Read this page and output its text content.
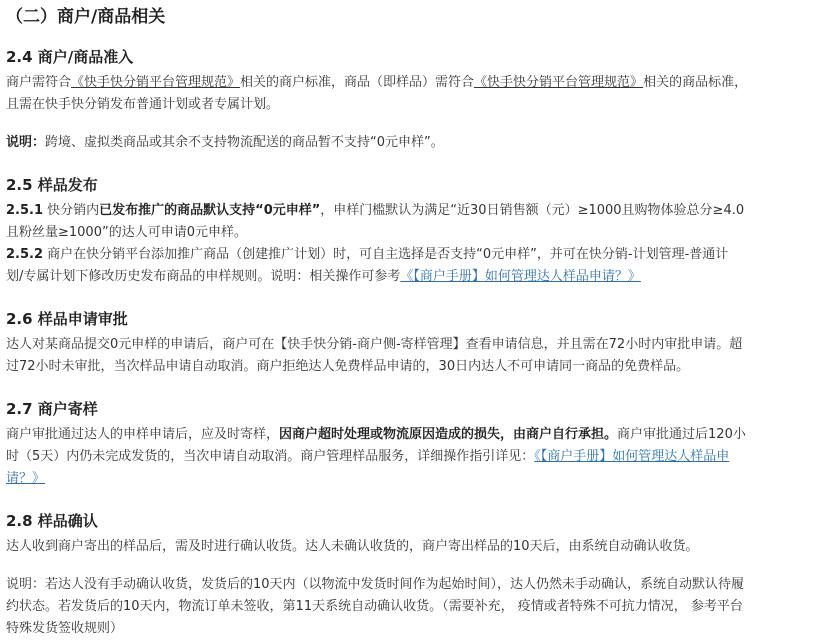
（二）商户/商品相关
2.4 商户/商品准入

商户需符合《快手快分销平台管理规范》相关的商户标准，商品（即样品）需符合《快手快分销平台管理规范》相关的商品标准，
且需在快手快分销发布普通计划或者专属计划。

说明：跨境、虚拟类商品或其余不支持物流配送的商品暂不支持“0元申样”。

2.5 样品发布

2.5.1 快分销内已发布推广的商品默认支持“0元申样”，申样门槛默认为满足“近30日销售额（元）≥1000且购物体验总分≥4.0
且粉丝量≥1000”的达人可申请0元申样。

2.5.2 商户在快分销平台添加推广商品（创建推广计划）时，可自主选择是否支持“0元申样”，并可在快分销-计划管理-普通计
划/专属计划下修改历史发布商品的申样规则。说明：相关操作可参考《【商户手册】如何管理达人样品申请？》

2.6 样品申请审批

达人对某商品提交0元申样的申请后，商户可在【快手快分销-商户侧-寄样管理】查看申请信息，并且需在72小时内审批申请。超
过72小时未审批，当次样品申请自动取消。商户拒绝达人免费样品申请的，30日内达人不可申请同一商品的免费样品。

2.7 商户寄样

商户审批通过达人的申样申请后，应及时寄样，因商户超时处理或物流原因造成的损失，由商户自行承担。商户审批通过后120小
时（5天）内仍未完成发货的，当次申请自动取消。商户管理样品服务，详细操作指引详见：《【商户手册】如何管理达人样品申
请？》

2.8 样品确认

达人收到商户寄出的样品后，需及时进行确认收货。达人未确认收货的，商户寄出样品的10天后，由系统自动确认收货。

说明：若达人没有手动确认收货，发货后的10天内（以物流中发货时间作为起始时间），达人仍然未手动确认，系统自动默认待履
约状态。若发货后的10天内，物流订单未签收，第11天系统自动确认收货。（需要补充， 疫情或者特殊不可抗力情况， 参考平台
特殊发货签收规则）
